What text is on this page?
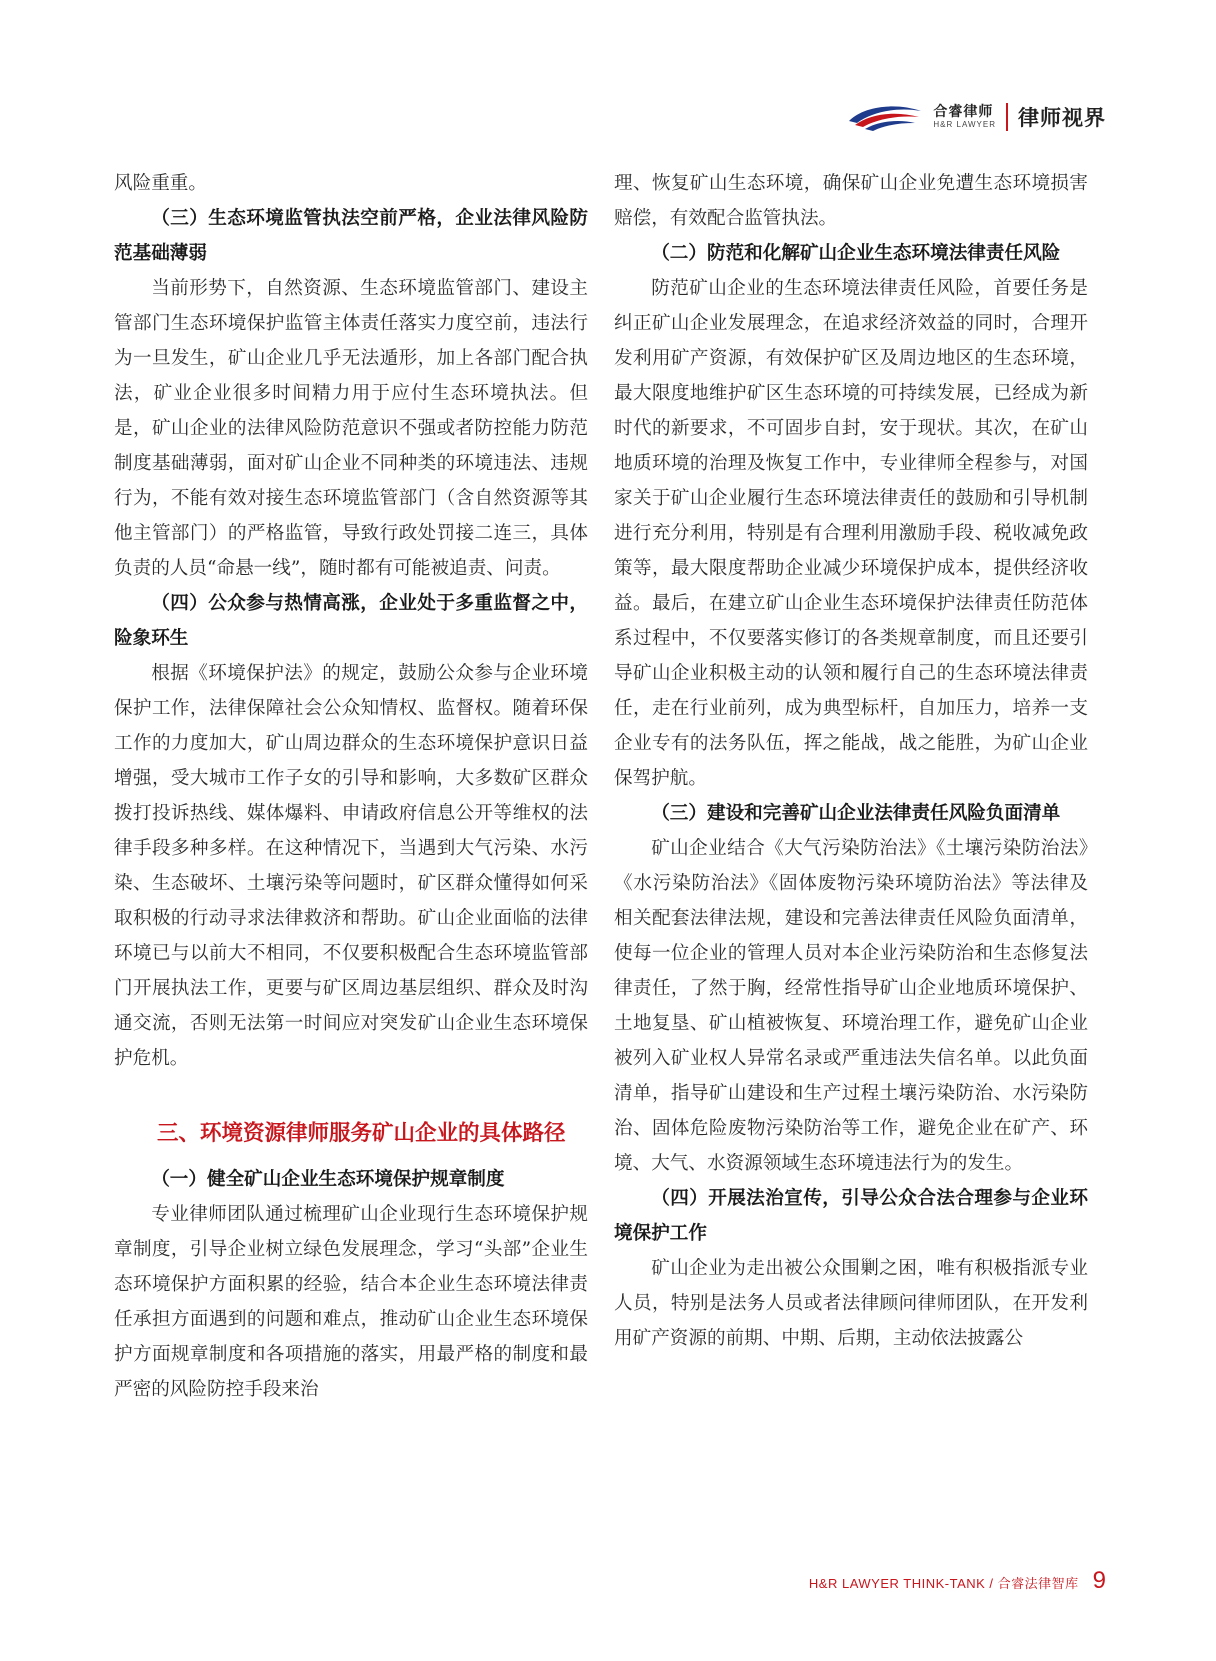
合睿律师
H&R LAWYER 律师视界

风险重重。

（三）生态环境监管执法空前严格，企业法律风险防范基础薄弱

当前形势下，自然资源、生态环境监管部门、建设主管部门生态环境保护监管主体责任落实力度空前，违法行为一旦发生，矿山企业几乎无法遁形，加上各部门配合执法，矿业企业很多时间精力用于应付生态环境执法。但是，矿山企业的法律风险防范意识不强或者防控能力防范制度基础薄弱，面对矿山企业不同种类的环境违法、违规行为，不能有效对接生态环境监管部门（含自然资源等其他主管部门）的严格监管，导致行政处罚接二连三，具体负责的人员“命悬一线”，随时都有可能被追责、问责。

（四）公众参与热情高涨，企业处于多重监督之中，险象环生

根据《环境保护法》的规定，鼓励公众参与企业环境保护工作，法律保障社会公众知情权、监督权。随着环保工作的力度加大，矿山周边群众的生态环境保护意识日益增强，受大城市工作子女的引导和影响，大多数矿区群众拨打投诉热线、媒体爆料、申请政府信息公开等维权的法律手段多种多样。在这种情况下，当遇到大气污染、水污染、生态破坏、土壤污染等问题时，矿区群众懂得如何采取积极的行动寻求法律救济和帮助。矿山企业面临的法律环境已与以前大不相同，不仅要积极配合生态环境监管部门开展执法工作，更要与矿区周边基层组织、群众及时沟通交流，否则无法第一时间应对突发矿山企业生态环境保护危机。

三、环境资源律师服务矿山企业的具体路径
（一）健全矿山企业生态环境保护规章制度

专业律师团队通过梳理矿山企业现行生态环境保护规章制度，引导企业树立绿色发展理念，学习“头部”企业生态环境保护方面积累的经验，结合本企业生态环境法律责任承担方面遇到的问题和难点，推动矿山企业生态环境保护方面规章制度和各项措施的落实，用最严格的制度和最严密的风险防控手段来治

理、恢复矿山生态环境，确保矿山企业免遭生态环境损害赔偿，有效配合监管执法。

（二）防范和化解矿山企业生态环境法律责任风险

防范矿山企业的生态环境法律责任风险，首要任务是纠正矿山企业发展理念，在追求经济效益的同时，合理开发利用矿产资源，有效保护矿区及周边地区的生态环境，最大限度地维护矿区生态环境的可持续发展，已经成为新时代的新要求，不可固步自封，安于现状。其次，在矿山地质环境的治理及恢复工作中，专业律师全程参与，对国家关于矿山企业履行生态环境法律责任的鼓励和引导机制进行充分利用，特别是有合理利用激励手段、税收减免政策等，最大限度帮助企业减少环境保护成本，提供经济收益。最后，在建立矿山企业生态环境保护法律责任防范体系过程中，不仅要落实修订的各类规章制度，而且还要引导矿山企业积极主动的认领和履行自己的生态环境法律责任，走在行业前列，成为典型标杆，自加压力，培养一支企业专有的法务队伍，挥之能战，战之能胜，为矿山企业保驾护航。

（三）建设和完善矿山企业法律责任风险负面清单

矿山企业结合《大气污染防治法》《土壤污染防治法》《水污染防治法》《固体废物污染环境防治法》等法律及相关配套法律法规，建设和完善法律责任风险负面清单，使每一位企业的管理人员对本企业污染防治和生态修复法律责任，了然于胸，经常性指导矿山企业地质环境保护、土地复垦、矿山植被恢复、环境治理工作，避免矿山企业被列入矿业权人异常名录或严重违法失信名单。以此负面清单，指导矿山建设和生产过程土壤污染防治、水污染防治、固体危险废物污染防治等工作，避免企业在矿产、环境、大气、水资源领域生态环境违法行为的发生。

（四）开展法治宣传，引导公众合法合理参与企业环境保护工作

矿山企业为走出被公众围剿之困，唯有积极指派专业人员，特别是法务人员或者法律顾问律师团队，在开发利用矿产资源的前期、中期、后期，主动依法披露公

H&R LAWYER THINK-TANK / 合睿法律智库 9
